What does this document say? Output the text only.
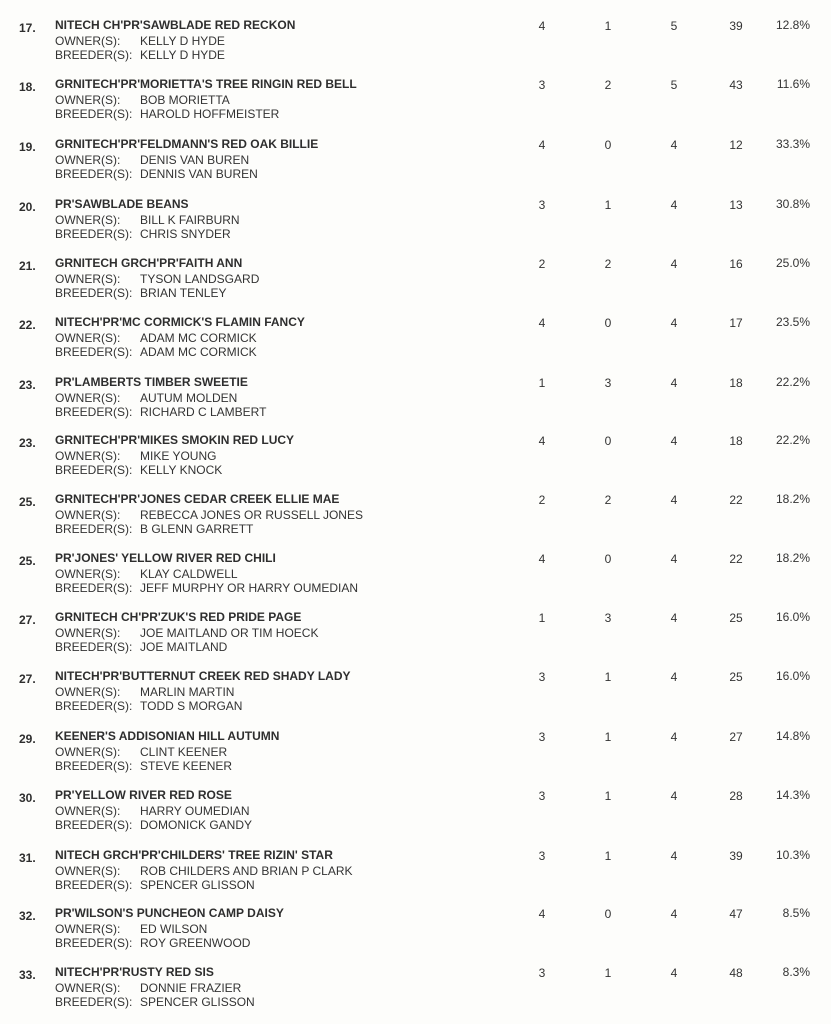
17. NITECH CH'PR'SAWBLADE RED RECKON
OWNER(S): KELLY D HYDE
BREEDER(S): KELLY D HYDE
4	1	5	39	12.8%
18. GRNITECH'PR'MORIETTA'S TREE RINGIN RED BELL
OWNER(S): BOB MORIETTA
BREEDER(S): HAROLD HOFFMEISTER
3	2	5	43	11.6%
19. GRNITECH'PR'FELDMANN'S RED OAK BILLIE
OWNER(S): DENIS VAN BUREN
BREEDER(S): DENNIS VAN BUREN
4	0	4	12	33.3%
20. PR'SAWBLADE BEANS
OWNER(S): BILL K FAIRBURN
BREEDER(S): CHRIS SNYDER
3	1	4	13	30.8%
21. GRNITECH GRCH'PR'FAITH ANN
OWNER(S): TYSON LANDSGARD
BREEDER(S): BRIAN TENLEY
2	2	4	16	25.0%
22. NITECH'PR'MC CORMICK'S FLAMIN FANCY
OWNER(S): ADAM MC CORMICK
BREEDER(S): ADAM MC CORMICK
4	0	4	17	23.5%
23. PR'LAMBERTS TIMBER SWEETIE
OWNER(S): AUTUM MOLDEN
BREEDER(S): RICHARD C LAMBERT
1	3	4	18	22.2%
23. GRNITECH'PR'MIKES SMOKIN RED LUCY
OWNER(S): MIKE YOUNG
BREEDER(S): KELLY KNOCK
4	0	4	18	22.2%
25. GRNITECH'PR'JONES CEDAR CREEK ELLIE MAE
OWNER(S): REBECCA JONES OR RUSSELL JONES
BREEDER(S): B GLENN GARRETT
2	2	4	22	18.2%
25. PR'JONES' YELLOW RIVER RED CHILI
OWNER(S): KLAY CALDWELL
BREEDER(S): JEFF MURPHY OR HARRY OUMEDIAN
4	0	4	22	18.2%
27. GRNITECH CH'PR'ZUK'S RED PRIDE PAGE
OWNER(S): JOE MAITLAND OR TIM HOECK
BREEDER(S): JOE MAITLAND
1	3	4	25	16.0%
27. NITECH'PR'BUTTERNUT CREEK RED SHADY LADY
OWNER(S): MARLIN MARTIN
BREEDER(S): TODD S MORGAN
3	1	4	25	16.0%
29. KEENER'S ADDISONIAN HILL AUTUMN
OWNER(S): CLINT KEENER
BREEDER(S): STEVE KEENER
3	1	4	27	14.8%
30. PR'YELLOW RIVER RED ROSE
OWNER(S): HARRY OUMEDIAN
BREEDER(S): DOMONICK GANDY
3	1	4	28	14.3%
31. NITECH GRCH'PR'CHILDERS' TREE RIZIN' STAR
OWNER(S): ROB CHILDERS AND BRIAN P CLARK
BREEDER(S): SPENCER GLISSON
3	1	4	39	10.3%
32. PR'WILSON'S PUNCHEON CAMP DAISY
OWNER(S): ED WILSON
BREEDER(S): ROY GREENWOOD
4	0	4	47	8.5%
33. NITECH'PR'RUSTY RED SIS
OWNER(S): DONNIE FRAZIER
BREEDER(S): SPENCER GLISSON
3	1	4	48	8.3%
